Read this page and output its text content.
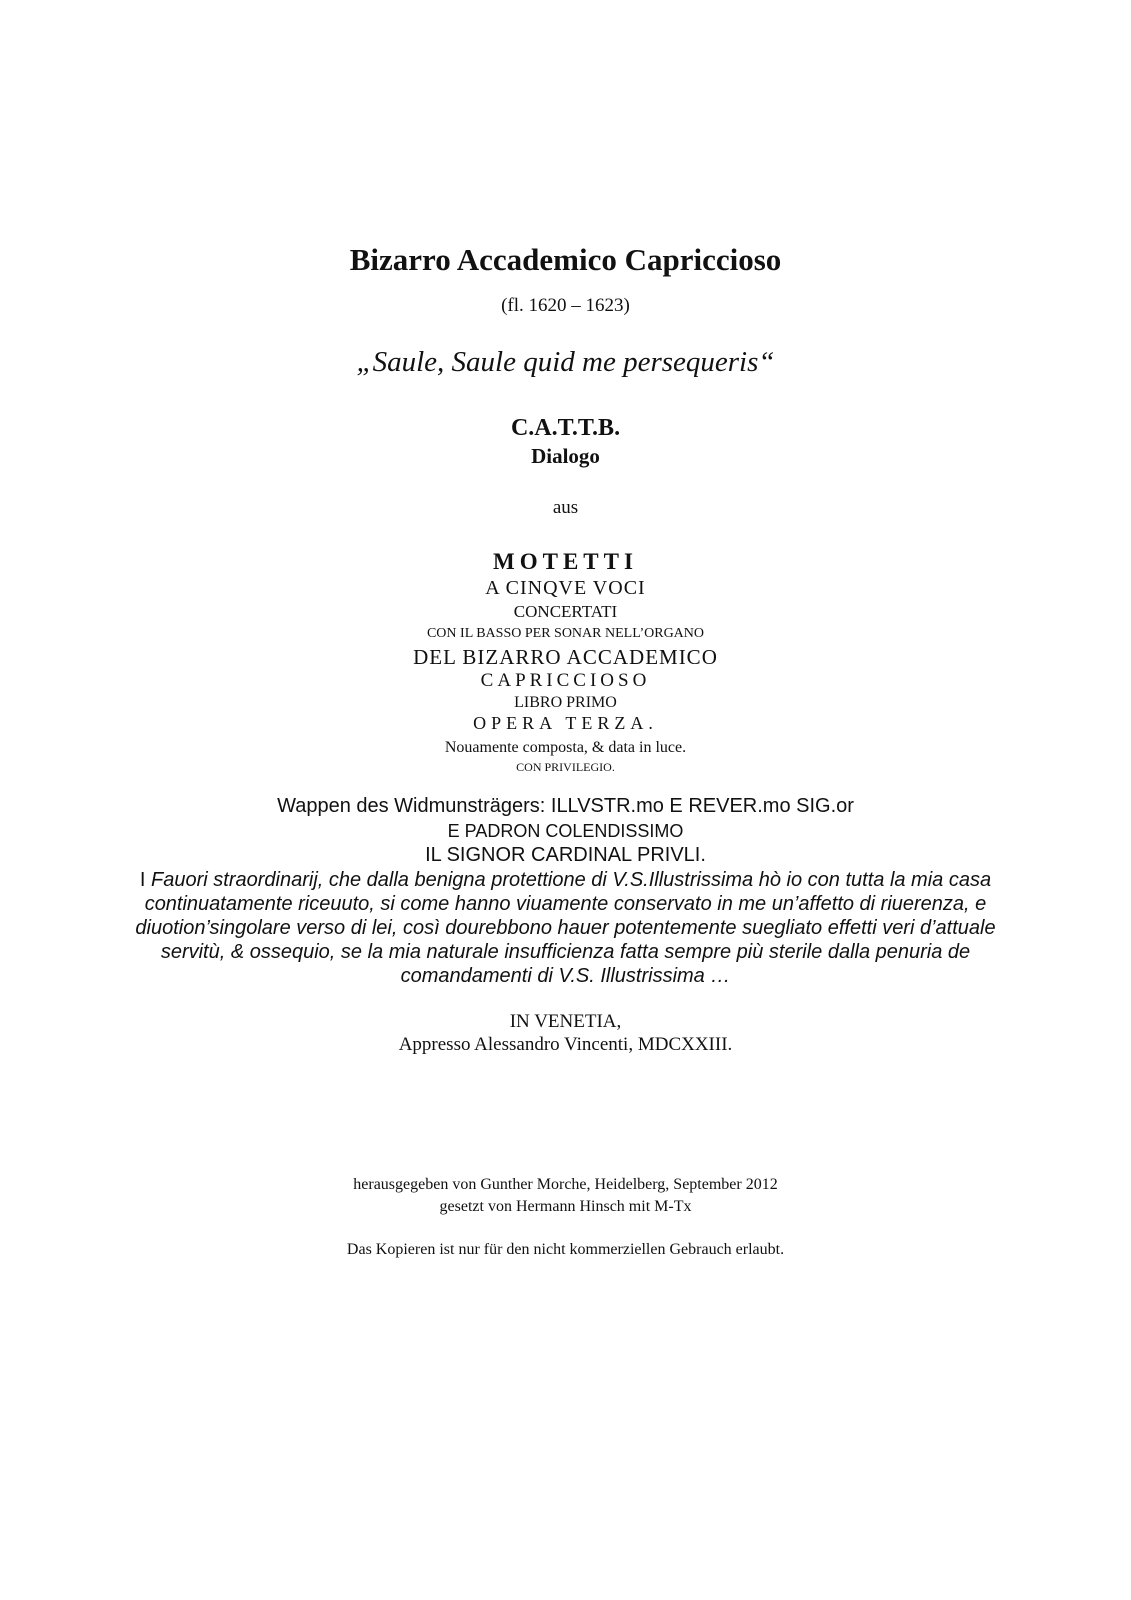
Bizarro Accademico Capriccioso
(fl. 1620 – 1623)
„Saule, Saule quid me persequeris“
C.A.T.T.B.
Dialogo
aus
MOTETTI
A CINQVE VOCI
CONCERTATI
CON IL BASSO PER SONAR NELL’ORGANO
DEL BIZARRO ACCADEMICO
CAPRICCIOSO
LIBRO PRIMO
OPERA TERZA.
Nouamente composta, & data in luce.
CON PRIVILEGIO.
Wappen des Widmunsträgers: ILLVSTR.mo E REVER.mo SIG.or
E PADRON COLENDISSIMO
IL SIGNOR CARDINAL PRIVLI.
I Fauori straordinarij, che dalla benigna protettione di V.S.Illustrissima hò io con tutta la mia casa continuatamente riceuuto, si come hanno viuamente conservato in me un’affetto di riuerenza, e diuotion’singolare verso di lei, così dourebbono hauer potentemente suegliato effetti veri d’attuale servitù, & ossequio, se la mia naturale insufficienza fatta sempre più sterile dalla penuria de comandamenti di V.S. Illustrissima …
IN VENETIA,
Appresso Alessandro Vincenti, MDCXXIII.
herausgegeben von Gunther Morche, Heidelberg, September 2012
gesetzt von Hermann Hinsch mit M-Tx
Das Kopieren ist nur für den nicht kommerziellen Gebrauch erlaubt.
